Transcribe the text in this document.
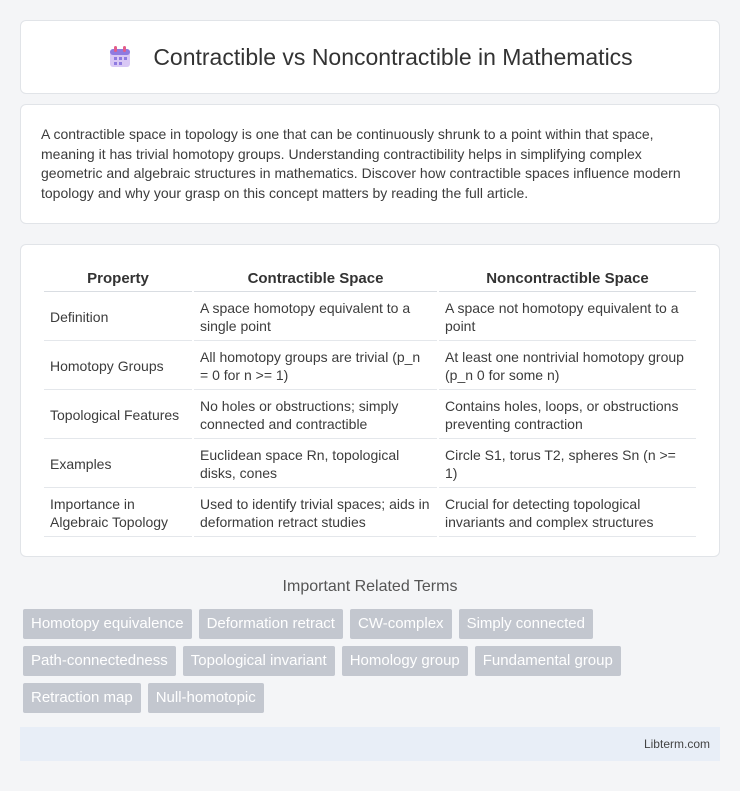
Contractible vs Noncontractible in Mathematics

A contractible space in topology is one that can be continuously shrunk to a point within that space, meaning it has trivial homotopy groups. Understanding contractibility helps in simplifying complex geometric and algebraic structures in mathematics. Discover how contractible spaces influence modern topology and why your grasp on this concept matters by reading the full article.

Property	Contractible Space	Noncontractible Space
Definition	A space homotopy equivalent to a single point	A space not homotopy equivalent to a point
Homotopy Groups	All homotopy groups are trivial (p_n = 0 for n >= 1)	At least one nontrivial homotopy group (p_n 0 for some n)
Topological Features	No holes or obstructions; simply connected and contractible	Contains holes, loops, or obstructions preventing contraction
Examples	Euclidean space Rn, topological disks, cones	Circle S1, torus T2, spheres Sn (n >= 1)
Importance in Algebraic Topology	Used to identify trivial spaces; aids in deformation retract studies	Crucial for detecting topological invariants and complex structures
Important Related Terms
Homotopy equivalence	Deformation retract	CW-complex	Simply connected
Path-connectedness	Topological invariant	Homology group	Fundamental group
Retraction map	Null-homotopic
Libterm.com
